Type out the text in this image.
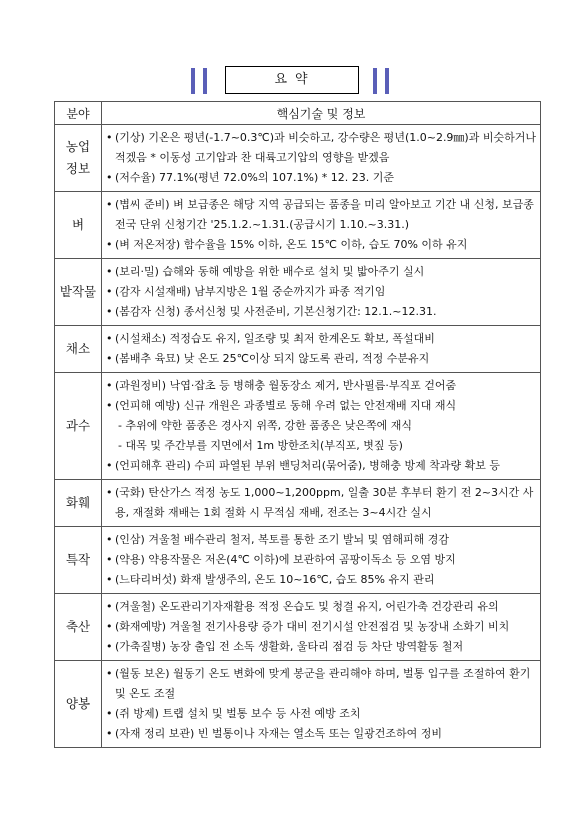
요 약
분야	핵심기술 및 정보
농업
정보	• (기상) 기온은 평년(-1.7~0.3℃)과 비슷하고, 강수량은 평년(1.0~2.9㎜)과 비슷하거나 적겠음 * 이동성 고기압과 찬 대륙고기압의 영향을 받겠음
• (저수율) 77.1%(평년 72.0%의 107.1%) * 12. 23. 기준

벼	• (볍씨 준비) 벼 보급종은 해당 지역 공급되는 품종을 미리 알아보고 기간 내 신청, 보급종 전국 단위 신청기간 '25.1.2.~1.31.(공급시기 1.10.~3.31.)
• (벼 저온저장) 함수율을 15% 이하, 온도 15℃ 이하, 습도 70% 이하 유지

밭작물	• (보리·밀) 습해와 동해 예방을 위한 배수로 설치 및 밟아주기 실시
• (감자 시설재배) 남부지방은 1월 중순까지가 파종 적기임
• (봄감자 신청) 종서신청 및 사전준비, 기본신청기간: 12.1.~12.31.

채소	• (시설채소) 적정습도 유지, 일조량 및 최저 한계온도 확보, 폭설대비
• (봄배추 육묘) 낮 온도 25℃이상 되지 않도록 관리, 적정 수분유지

과수	• (과원정비) 낙엽·잡초 등 병해충 월동장소 제거, 반사필름·부직포 걷어줌
• (언피해 예방) 신규 개원은 과종별로 동해 우려 없는 안전재배 지대 재식
- 추위에 약한 품종은 경사지 위쪽, 강한 품종은 낮은쪽에 재식
- 대목 및 주간부를 지면에서 1m 방한조치(부직포, 볏짚 등)
• (언피해후 관리) 수피 파열된 부위 밴딩처리(묶어줌), 병해충 방제 착과량 확보 등

화훼	• (국화) 탄산가스 적정 농도 1,000~1,200ppm, 일출 30분 후부터 환기 전 2~3시간 사용, 재절화 재배는 1회 절화 시 무적심 재배, 전조는 3~4시간 실시

특작	• (인삼) 겨울철 배수관리 철저, 복토를 통한 조기 발뇌 및 염해피해 경감
• (약용) 약용작물은 저온(4℃ 이하)에 보관하여 곰팡이독소 등 오염 방지
• (느타리버섯) 화재 발생주의, 온도 10~16℃, 습도 85% 유지 관리

축산	• (겨울철) 온도관리기자재활용 적정 온습도 및 청결 유지, 어린가축 건강관리 유의
• (화재예방) 겨울철 전기사용량 증가 대비 전기시설 안전점검 및 농장내 소화기 비치
• (가축질병) 농장 출입 전 소독 생활화, 울타리 점검 등 차단 방역활동 철저

양봉	• (월동 보온) 월동기 온도 변화에 맞게 봉군을 관리해야 하며, 벌통 입구를 조절하여 환기 및 온도 조절
• (쥐 방제) 트랩 설치 및 벌통 보수 등 사전 예방 조치
• (자재 정리 보관) 빈 벌통이나 자재는 열소독 또는 일광건조하여 정비
